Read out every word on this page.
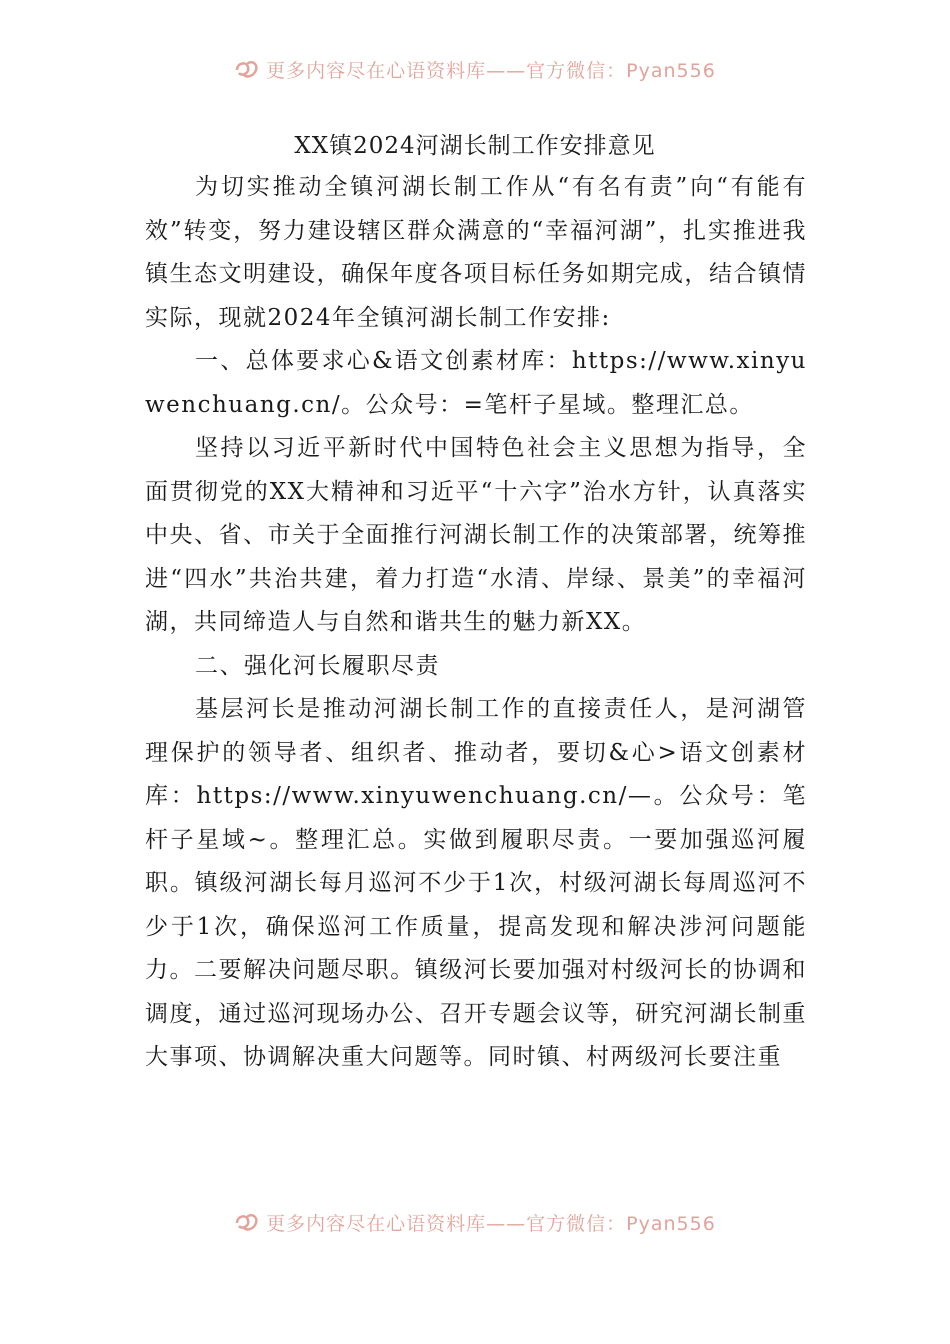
更多内容尽在心语资料库——官方微信：Pyan556
XX镇2024河湖长制工作安排意见

为切实推动全镇河湖长制工作从“有名有责”向“有能有效”转变，努力建设辖区群众满意的“幸福河湖”，扎实推进我镇生态文明建设，确保年度各项目标任务如期完成，结合镇情实际，现就2024年全镇河湖长制工作安排:

一、总体要求心&语文创素材库：https://www.xinyuwenchuang.cn/。公众号：=笔杆子星域。整理汇总。

坚持以习近平新时代中国特色社会主义思想为指导，全面贯彻党的XX大精神和习近平“十六字”治水方针，认真落实中央、省、市关于全面推行河湖长制工作的决策部署，统筹推进“四水”共治共建，着力打造“水清、岸绿、景美”的幸福河湖，共同缔造人与自然和谐共生的魅力新XX。

二、强化河长履职尽责

基层河长是推动河湖长制工作的直接责任人，是河湖管理保护的领导者、组织者、推动者，要切&心>语文创素材库：https://www.xinyuwenchuang.cn/—。公众号：笔杆子星域~。整理汇总。实做到履职尽责。一要加强巡河履职。镇级河湖长每月巡河不少于1次，村级河湖长每周巡河不少于1次，确保巡河工作质量，提高发现和解决涉河问题能力。二要解决问题尽职。镇级河长要加强对村级河长的协调和调度，通过巡河现场办公、召开专题会议等，研究河湖长制重大事项、协调解决重大问题等。同时镇、村两级河长要注重

更多内容尽在心语资料库——官方微信：Pyan556
